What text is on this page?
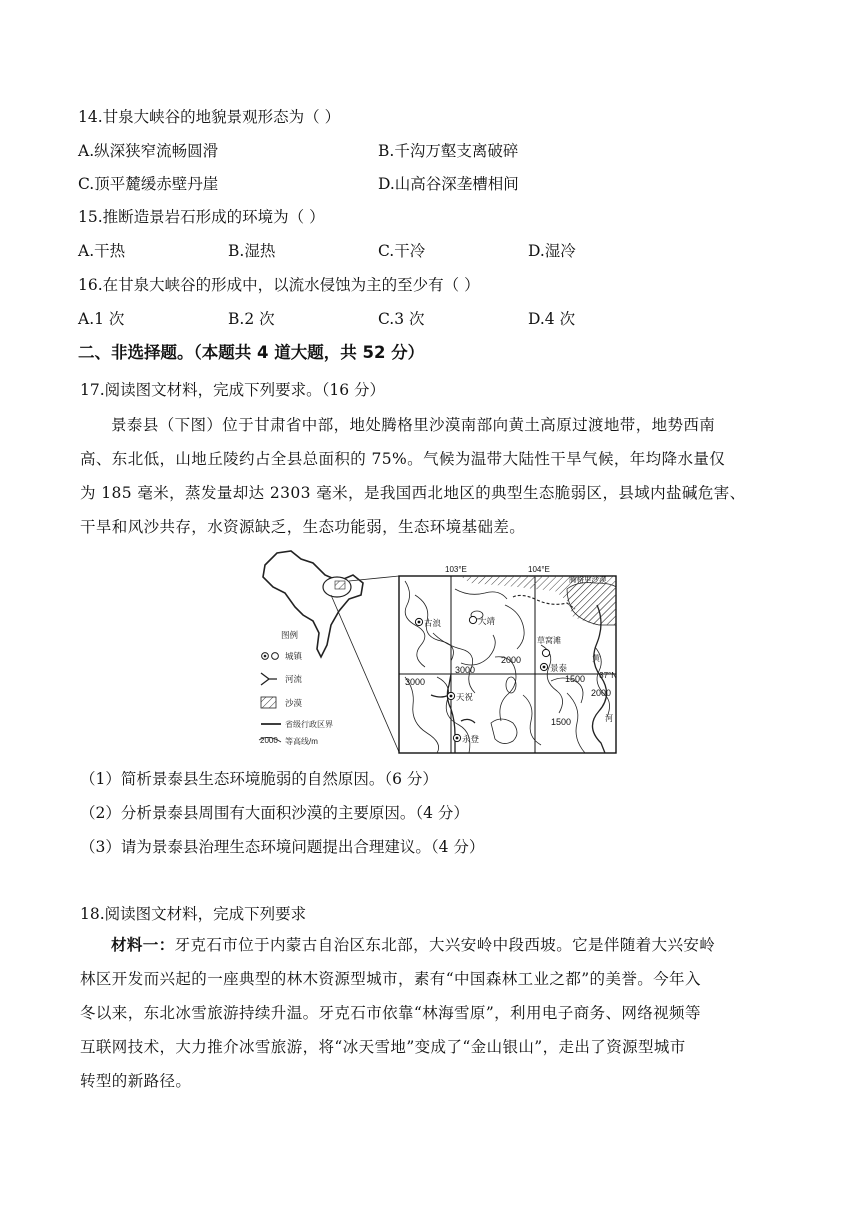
14.甘泉大峡谷的地貌景观形态为（ ）
A.纵深狭窄流畅圆滑	B.千沟万壑支离破碎
C.顶平麓缓赤壁丹崖	D.山高谷深垄槽相间
15.推断造景岩石形成的环境为（ ）
A.干热	B.湿热	C.干冷	D.湿冷
16.在甘泉大峡谷的形成中，以流水侵蚀为主的至少有（ ）
A.1 次	B.2 次	C.3 次	D.4 次
二、非选择题。（本题共 4 道大题，共 52 分）
17.阅读图文材料，完成下列要求。（16 分）
景泰县（下图）位于甘肃省中部，地处腾格里沙漠南部向黄土高原过渡地带，地势西南
高、东北低，山地丘陵约占全县总面积的 75%。气候为温带大陆性干旱气候，年均降水量仅
为 185 毫米，蒸发量却达 2303 毫米，是我国西北地区的典型生态脆弱区，县域内盐碱危害、
干旱和风沙共存，水资源缺乏，生态功能弱，生态环境基础差。
图例
城镇
河流
沙漠
省级行政区界
2000 等高线/m
103°E	104°E
37°N
腾格里沙漠
3000
2000
3000	1500
2000
1500
古浪	大靖
草窝滩
景泰
天祝
永登
黄
河
（1）简析景泰县生态环境脆弱的自然原因。（6 分）
（2）分析景泰县周围有大面积沙漠的主要原因。（4 分）
（3）请为景泰县治理生态环境问题提出合理建议。（4 分）
18.阅读图文材料，完成下列要求
材料一：牙克石市位于内蒙古自治区东北部，大兴安岭中段西坡。它是伴随着大兴安岭
林区开发而兴起的一座典型的林木资源型城市，素有“中国森林工业之都”的美誉。今年入
冬以来，东北冰雪旅游持续升温。牙克石市依靠“林海雪原”，利用电子商务、网络视频等
互联网技术，大力推介冰雪旅游，将“冰天雪地”变成了“金山银山”，走出了资源型城市
转型的新路径。
